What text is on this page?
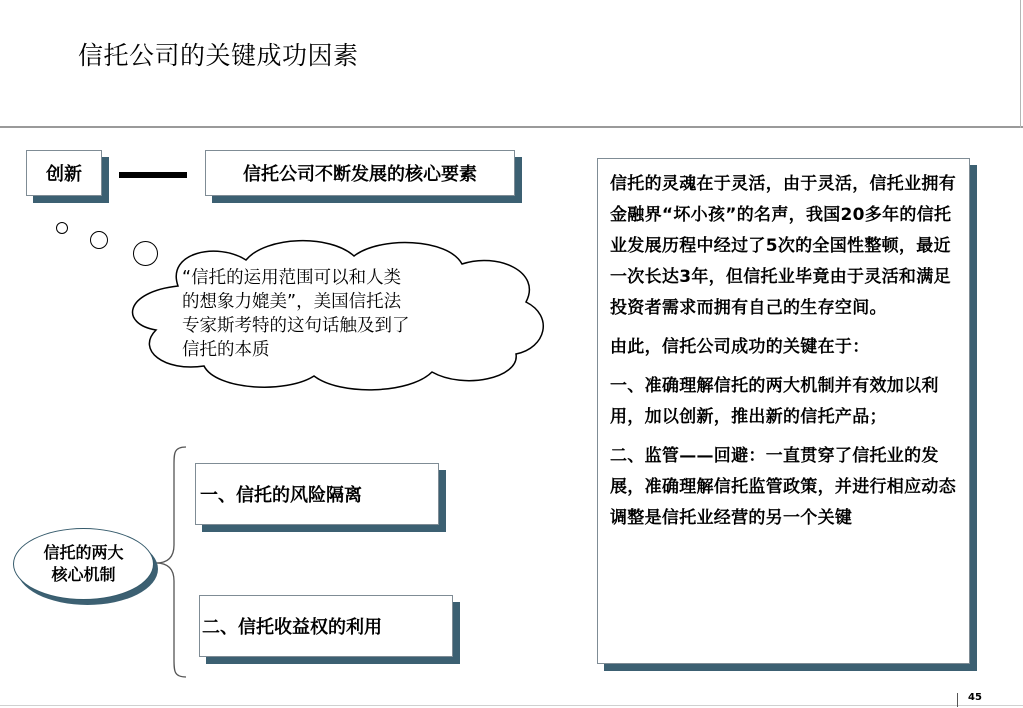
信托公司的关键成功因素
创新	信托公司不断发展的核心要素
“信托的运用范围可以和人类
的想象力媲美”，美国信托法
专家斯考特的这句话触及到了
信托的本质
信托的两大
核心机制
一、信托的风险隔离
二、信托收益权的利用

信托的灵魂在于灵活，由于灵活，信托业拥有金融界“坏小孩”的名声，我国20多年的信托业发展历程中经过了5次的全国性整顿，最近一次长达3年，但信托业毕竟由于灵活和满足投资者需求而拥有自己的生存空间。

由此，信托公司成功的关键在于：

一、准确理解信托的两大机制并有效加以利用，加以创新，推出新的信托产品；

二、监管——回避：一直贯穿了信托业的发展，准确理解信托监管政策，并进行相应动态调整是信托业经营的另一个关键

45
